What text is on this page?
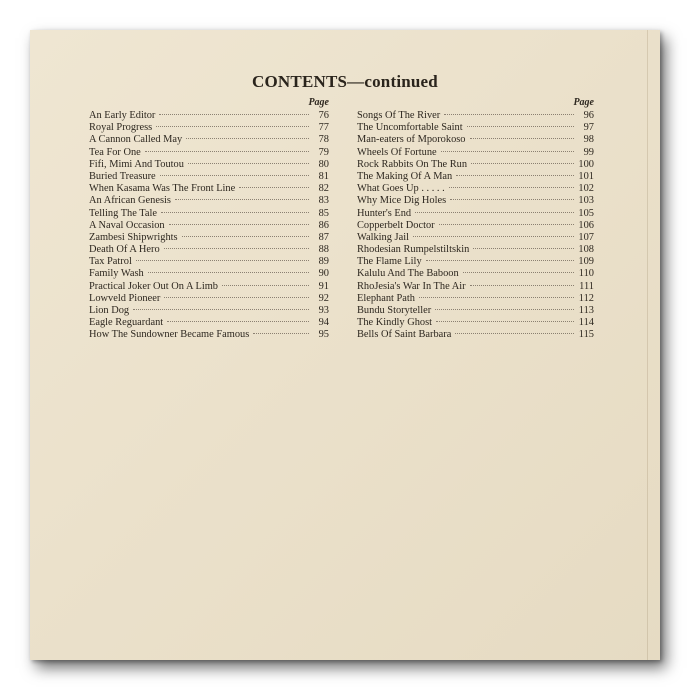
CONTENTS—continued
Page
An Early Editor	76
Royal Progress	77
A Cannon Called May	78
Tea For One	79
Fifi, Mimi And Toutou	80
Buried Treasure	81
When Kasama Was The Front Line	82
An African Genesis	83
Telling The Tale	85
A Naval Occasion	86
Zambesi Shipwrights	87
Death Of A Hero	88
Tax Patrol	89
Family Wash	90
Practical Joker Out On A Limb	91
Lowveld Pioneer	92
Lion Dog	93
Eagle Reguardant	94
How The Sundowner Became Famous	95
Page
Songs Of The River	96
The Uncomfortable Saint	97
Man-eaters of Mporokoso	98
Wheels Of Fortune	99
Rock Rabbits On The Run	100
The Making Of A Man	101
What Goes Up . . . . .	102
Why Mice Dig Holes	103
Hunter's End	105
Copperbelt Doctor	106
Walking Jail	107
Rhodesian Rumpelstiltskin	108
The Flame Lily	109
Kalulu And The Baboon	110
RhoJesia's War In The Air	111
Elephant Path	112
Bundu Storyteller	113
The Kindly Ghost	114
Bells Of Saint Barbara	115
